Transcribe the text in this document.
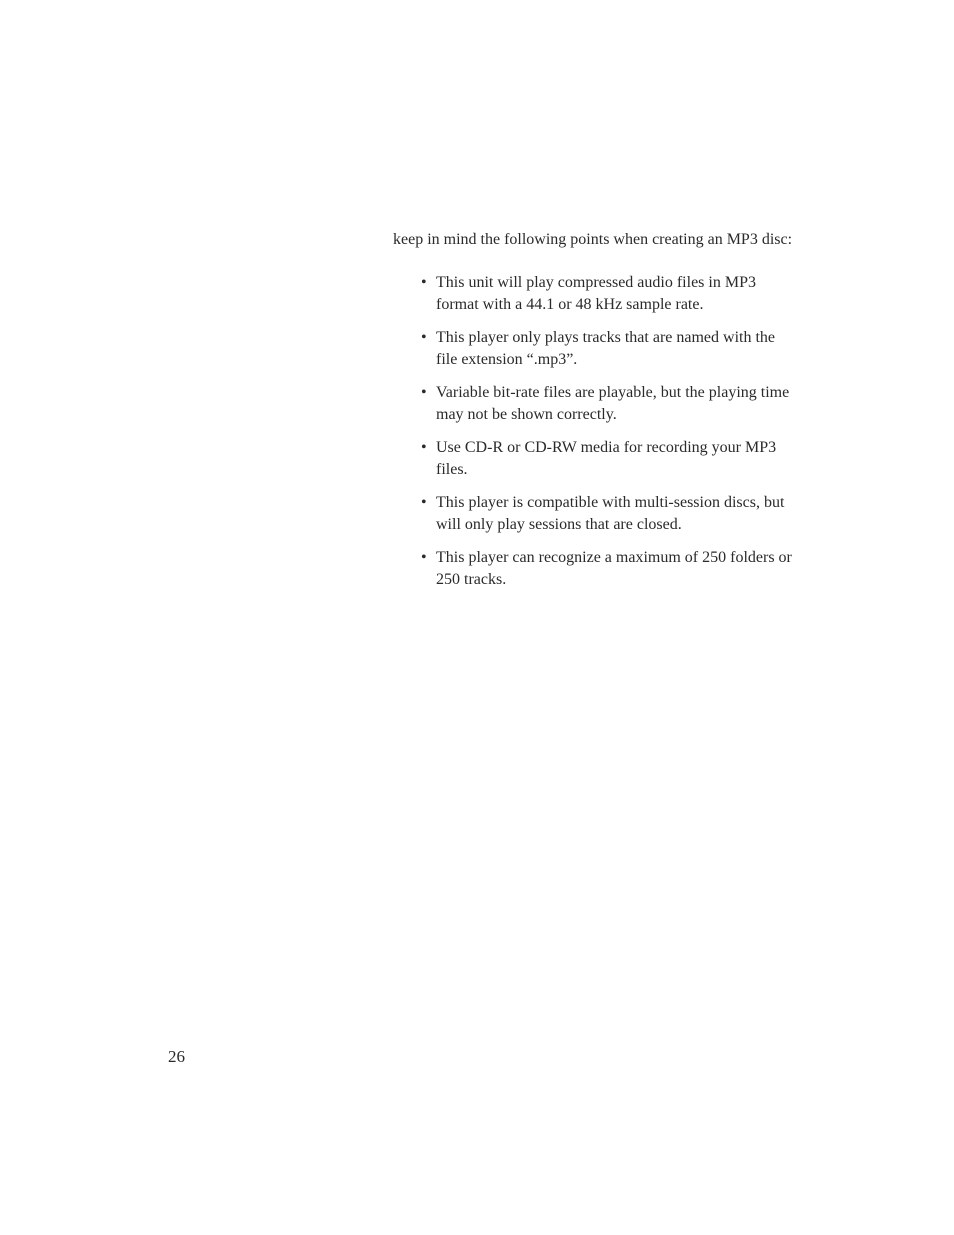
keep in mind the following points when creating an MP3 disc:

• This unit will play compressed audio files in MP3 format with a 44.1 or 48 kHz sample rate.
• This player only plays tracks that are named with the file extension “.mp3”.
• Variable bit-rate files are playable, but the playing time may not be shown correctly.
• Use CD-R or CD-RW media for recording your MP3 files.
• This player is compatible with multi-session discs, but will only play sessions that are closed.
• This player can recognize a maximum of 250 folders or 250 tracks.
26
